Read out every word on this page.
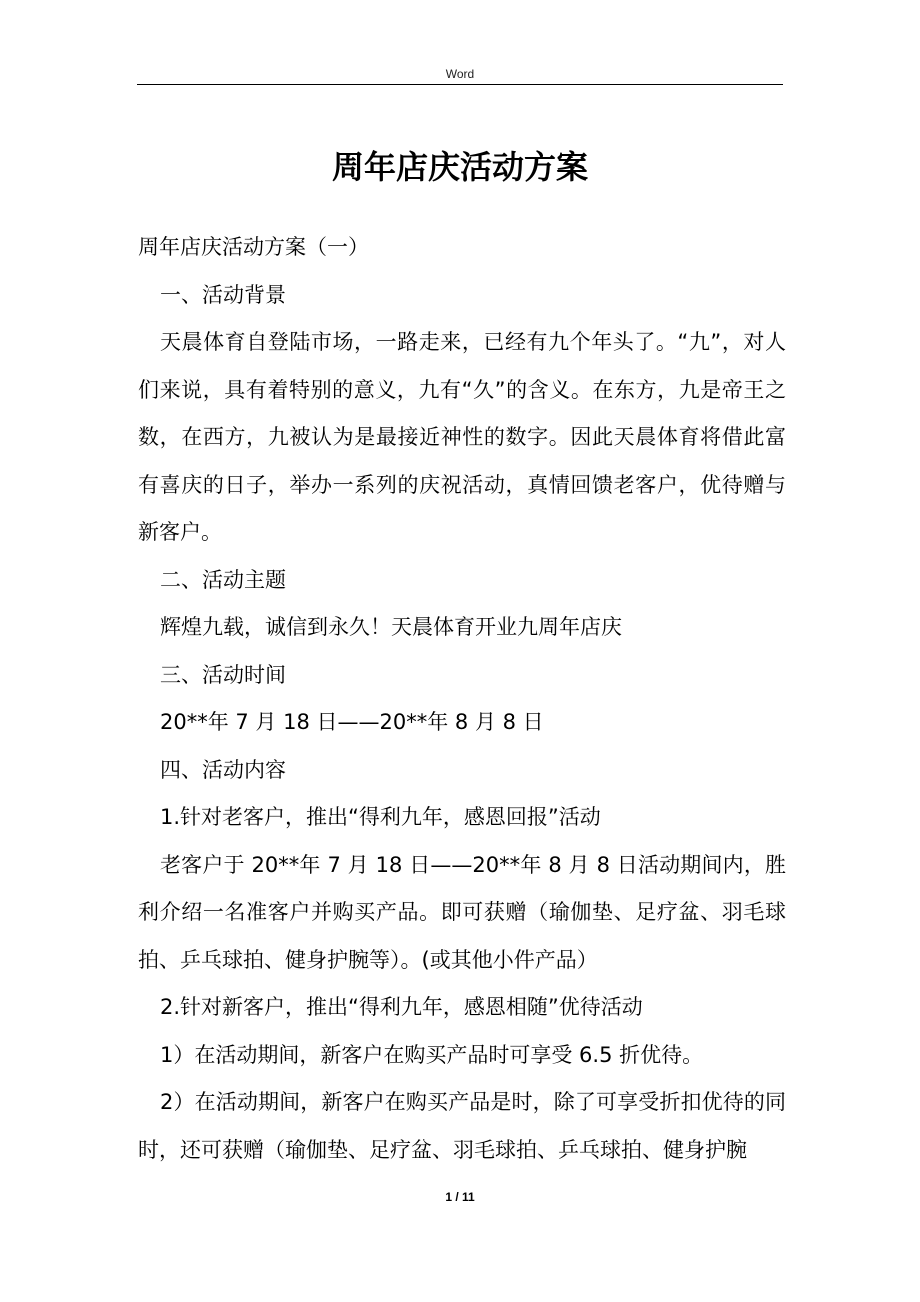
Word
周年店庆活动方案

周年店庆活动方案（一）

一、活动背景

天晨体育自登陆市场，一路走来，已经有九个年头了。“九”，对人们来说，具有着特别的意义，九有“久”的含义。在东方，九是帝王之数，在西方，九被认为是最接近神性的数字。因此天晨体育将借此富有喜庆的日子，举办一系列的庆祝活动，真情回馈老客户，优待赠与新客户。

二、活动主题

辉煌九载，诚信到永久！天晨体育开业九周年店庆

三、活动时间

20**年 7 月 18 日——20**年 8 月 8 日

四、活动内容

1.针对老客户，推出“得利九年，感恩回报”活动

老客户于 20**年 7 月 18 日——20**年 8 月 8 日活动期间内，胜利介绍一名准客户并购买产品。即可获赠（瑜伽垫、足疗盆、羽毛球拍、乒乓球拍、健身护腕等）。(或其他小件产品）

2.针对新客户，推出“得利九年，感恩相随”优待活动

1）在活动期间，新客户在购买产品时可享受 6.5 折优待。

2）在活动期间，新客户在购买产品是时，除了可享受折扣优待的同时，还可获赠（瑜伽垫、足疗盆、羽毛球拍、乒乓球拍、健身护腕

1 / 11
